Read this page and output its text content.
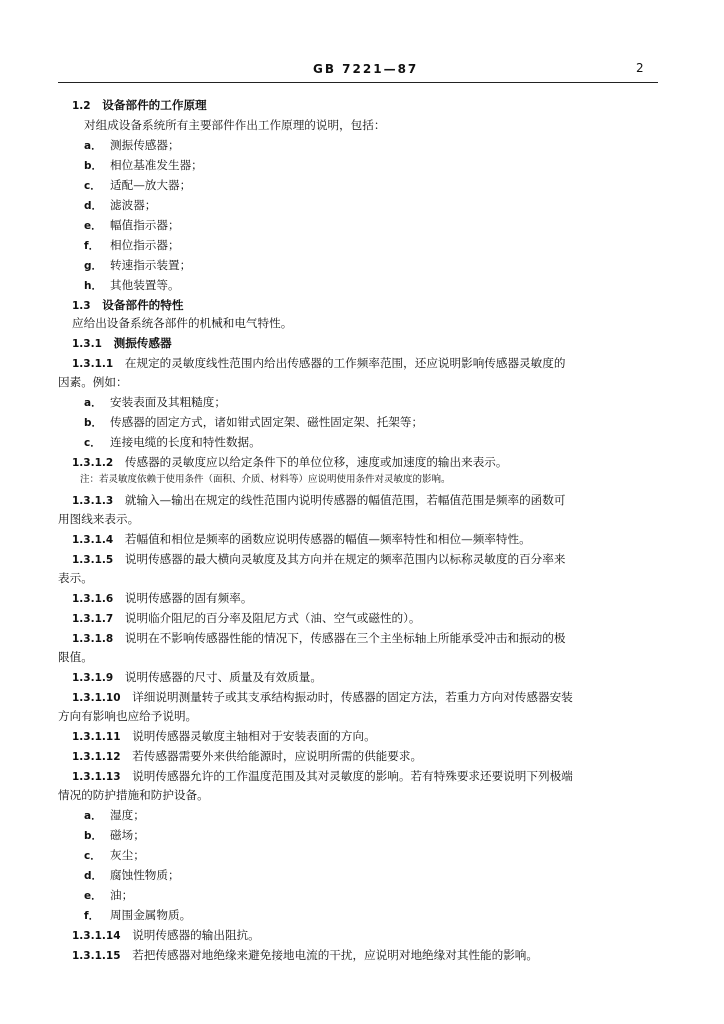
GB 7221—87	2
1.2 设备部件的工作原理
对组成设备系统所有主要部件作出工作原理的说明，包括：
a． 测振传感器；
b． 相位基准发生器；
c． 适配—放大器；
d． 滤波器；
e． 幅值指示器；
f． 相位指示器；
g． 转速指示装置；
h． 其他装置等。
1.3 设备部件的特性
应给出设备系统各部件的机械和电气特性。
1.3.1 测振传感器
1.3.1.1 在规定的灵敏度线性范围内给出传感器的工作频率范围，还应说明影响传感器灵敏度的
因素。例如：
a． 安装表面及其粗糙度；
b． 传感器的固定方式，诸如钳式固定架、磁性固定架、托架等；
c． 连接电缆的长度和特性数据。
1.3.1.2 传感器的灵敏度应以给定条件下的单位位移，速度或加速度的输出来表示。
注：若灵敏度依赖于使用条件（面积、介质、材料等）应说明使用条件对灵敏度的影响。
1.3.1.3 就输入—输出在规定的线性范围内说明传感器的幅值范围，若幅值范围是频率的函数可
用图线来表示。
1.3.1.4 若幅值和相位是频率的函数应说明传感器的幅值—频率特性和相位—频率特性。
1.3.1.5 说明传感器的最大横向灵敏度及其方向并在规定的频率范围内以标称灵敏度的百分率来
表示。
1.3.1.6 说明传感器的固有频率。
1.3.1.7 说明临介阻尼的百分率及阻尼方式（油、空气或磁性的）。
1.3.1.8 说明在不影响传感器性能的情况下，传感器在三个主坐标轴上所能承受冲击和振动的极
限值。
1.3.1.9 说明传感器的尺寸、质量及有效质量。
1.3.1.10 详细说明测量转子或其支承结构振动时，传感器的固定方法，若重力方向对传感器安装
方向有影响也应给予说明。
1.3.1.11 说明传感器灵敏度主轴相对于安装表面的方向。
1.3.1.12 若传感器需要外来供给能源时，应说明所需的供能要求。
1.3.1.13 说明传感器允许的工作温度范围及其对灵敏度的影响。若有特殊要求还要说明下列极端
情况的防护措施和防护设备。
a． 湿度；
b． 磁场；
c． 灰尘；
d． 腐蚀性物质；
e． 油；
f． 周围金属物质。
1.3.1.14 说明传感器的输出阻抗。
1.3.1.15 若把传感器对地绝缘来避免接地电流的干扰，应说明对地绝缘对其性能的影响。
